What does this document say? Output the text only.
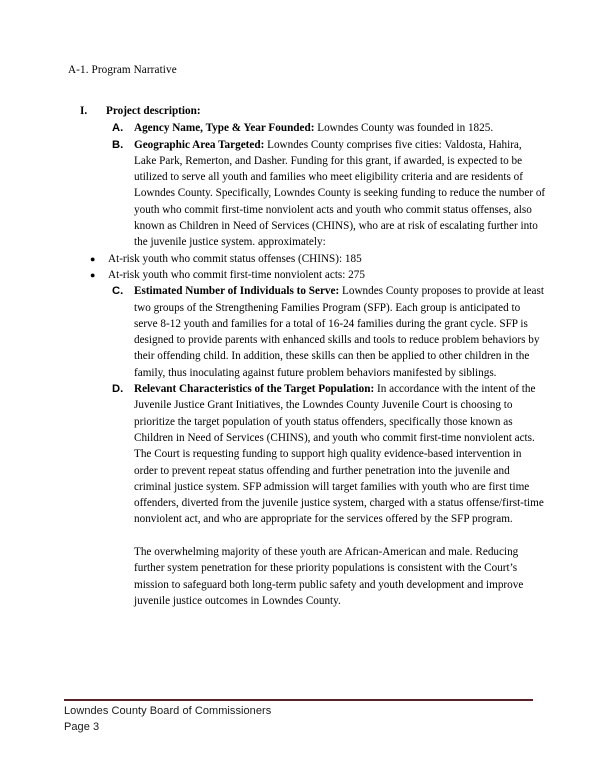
A-1. Program Narrative
I.	Project description:
A. Agency Name, Type & Year Founded: Lowndes County was founded in 1825.
B. Geographic Area Targeted: Lowndes County comprises five cities: Valdosta, Hahira, Lake Park, Remerton, and Dasher. Funding for this grant, if awarded, is expected to be utilized to serve all youth and families who meet eligibility criteria and are residents of Lowndes County. Specifically, Lowndes County is seeking funding to reduce the number of youth who commit first-time nonviolent acts and youth who commit status offenses, also known as Children in Need of Services (CHINS), who are at risk of escalating further into the juvenile justice system. approximately:
●	At-risk youth who commit status offenses (CHINS): 185
●	At-risk youth who commit first-time nonviolent acts: 275
C. Estimated Number of Individuals to Serve: Lowndes County proposes to provide at least two groups of the Strengthening Families Program (SFP). Each group is anticipated to serve 8-12 youth and families for a total of 16-24 families during the grant cycle. SFP is designed to provide parents with enhanced skills and tools to reduce problem behaviors by their offending child. In addition, these skills can then be applied to other children in the family, thus inoculating against future problem behaviors manifested by siblings.
D. Relevant Characteristics of the Target Population: In accordance with the intent of the Juvenile Justice Grant Initiatives, the Lowndes County Juvenile Court is choosing to prioritize the target population of youth status offenders, specifically those known as Children in Need of Services (CHINS), and youth who commit first-time nonviolent acts. The Court is requesting funding to support high quality evidence-based intervention in order to prevent repeat status offending and further penetration into the juvenile and criminal justice system. SFP admission will target families with youth who are first time offenders, diverted from the juvenile justice system, charged with a status offense/first-time nonviolent act, and who are appropriate for the services offered by the SFP program.
The overwhelming majority of these youth are African-American and male. Reducing further system penetration for these priority populations is consistent with the Court’s mission to safeguard both long-term public safety and youth development and improve juvenile justice outcomes in Lowndes County.
Lowndes County Board of Commissioners
Page 3
